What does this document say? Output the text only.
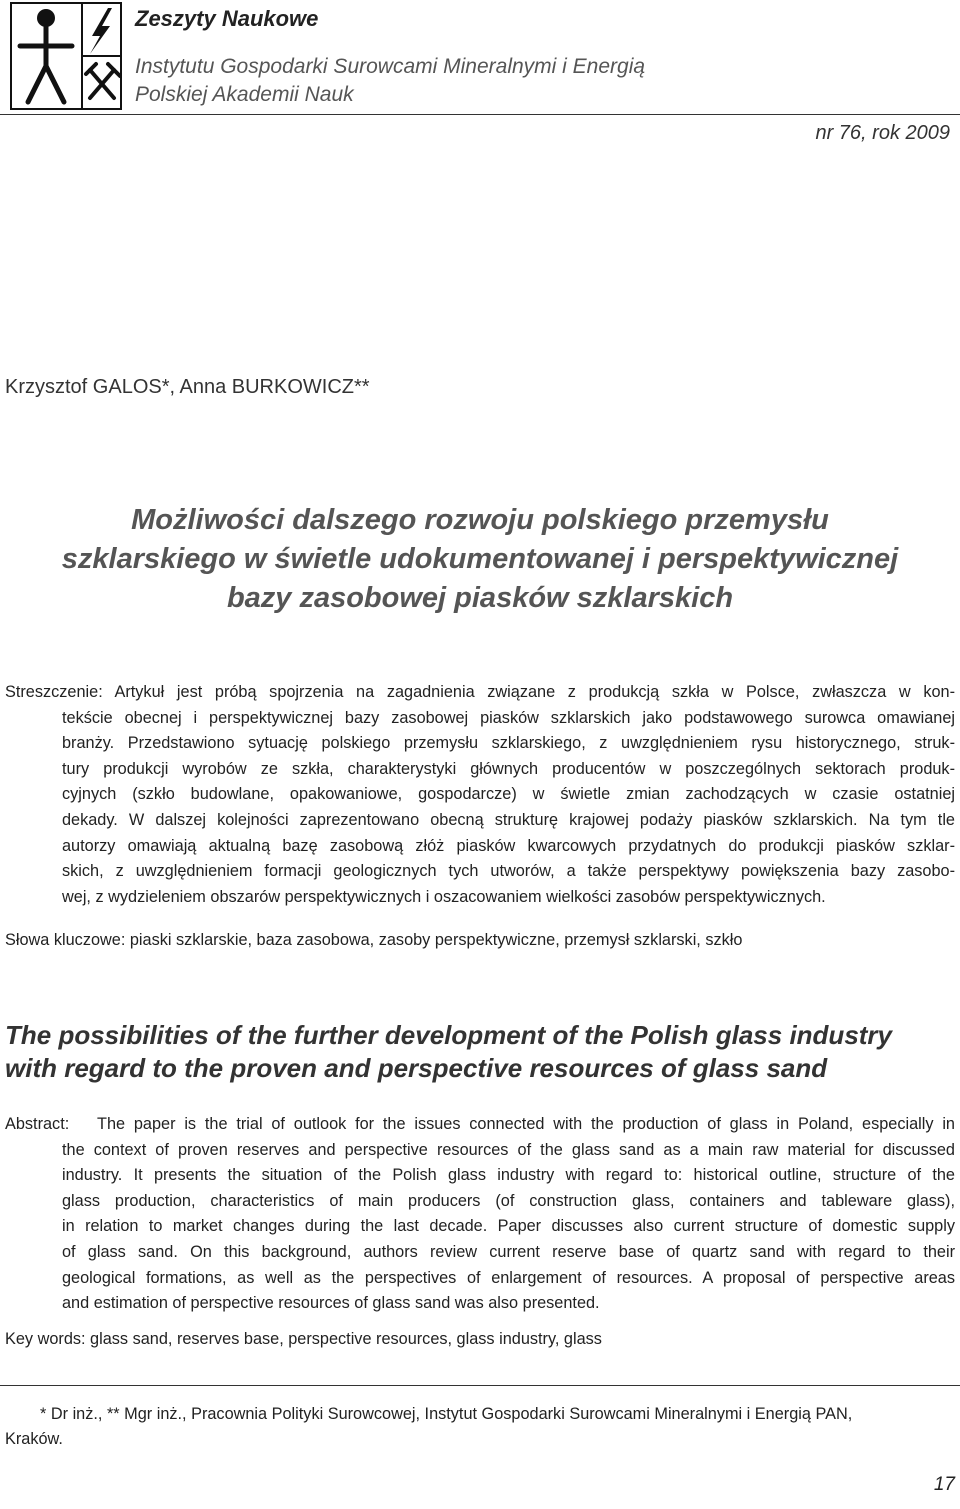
Zeszyty Naukowe
Instytutu Gospodarki Surowcami Mineralnymi i Energią
Polskiej Akademii Nauk
nr 76, rok 2009
Krzysztof GALOS*, Anna BURKOWICZ**
Możliwości dalszego rozwoju polskiego przemysłu
szklarskiego w świetle udokumentowanej i perspektywicznej
bazy zasobowej piasków szklarskich
Streszczenie: Artykuł jest próbą spojrzenia na zagadnienia związane z produkcją szkła w Polsce, zwłaszcza w kon-
tekście obecnej i perspektywicznej bazy zasobowej piasków szklarskich jako podstawowego surowca omawianej
branży. Przedstawiono sytuację polskiego przemysłu szklarskiego, z uwzględnieniem rysu historycznego, struk-
tury produkcji wyrobów ze szkła, charakterystyki głównych producentów w poszczególnych sektorach produk-
cyjnych (szkło budowlane, opakowaniowe, gospodarcze) w świetle zmian zachodzących w czasie ostatniej
dekady. W dalszej kolejności zaprezentowano obecną strukturę krajowej podaży piasków szklarskich. Na tym tle
autorzy omawiają aktualną bazę zasobową złóż piasków kwarcowych przydatnych do produkcji piasków szklar-
skich, z uwzględnieniem formacji geologicznych tych utworów, a także perspektywy powiększenia bazy zasobo-
wej, z wydzieleniem obszarów perspektywicznych i oszacowaniem wielkości zasobów perspektywicznych.
Słowa kluczowe: piaski szklarskie, baza zasobowa, zasoby perspektywiczne, przemysł szklarski, szkło
The possibilities of the further development of the Polish glass industry
with regard to the proven and perspective resources of glass sand
Abstract: The paper is the trial of outlook for the issues connected with the production of glass in Poland, especially in
the context of proven reserves and perspective resources of the glass sand as a main raw material for discussed
industry. It presents the situation of the Polish glass industry with regard to: historical outline, structure of the
glass production, characteristics of main producers (of construction glass, containers and tableware glass),
in relation to market changes during the last decade. Paper discusses also current structure of domestic supply
of glass sand. On this background, authors review current reserve base of quartz sand with regard to their
geological formations, as well as the perspectives of enlargement of resources. A proposal of perspective areas
and estimation of perspective resources of glass sand was also presented.
Key words: glass sand, reserves base, perspective resources, glass industry, glass
* Dr inż., ** Mgr inż., Pracownia Polityki Surowcowej, Instytut Gospodarki Surowcami Mineralnymi i Energią PAN,
Kraków.
17
